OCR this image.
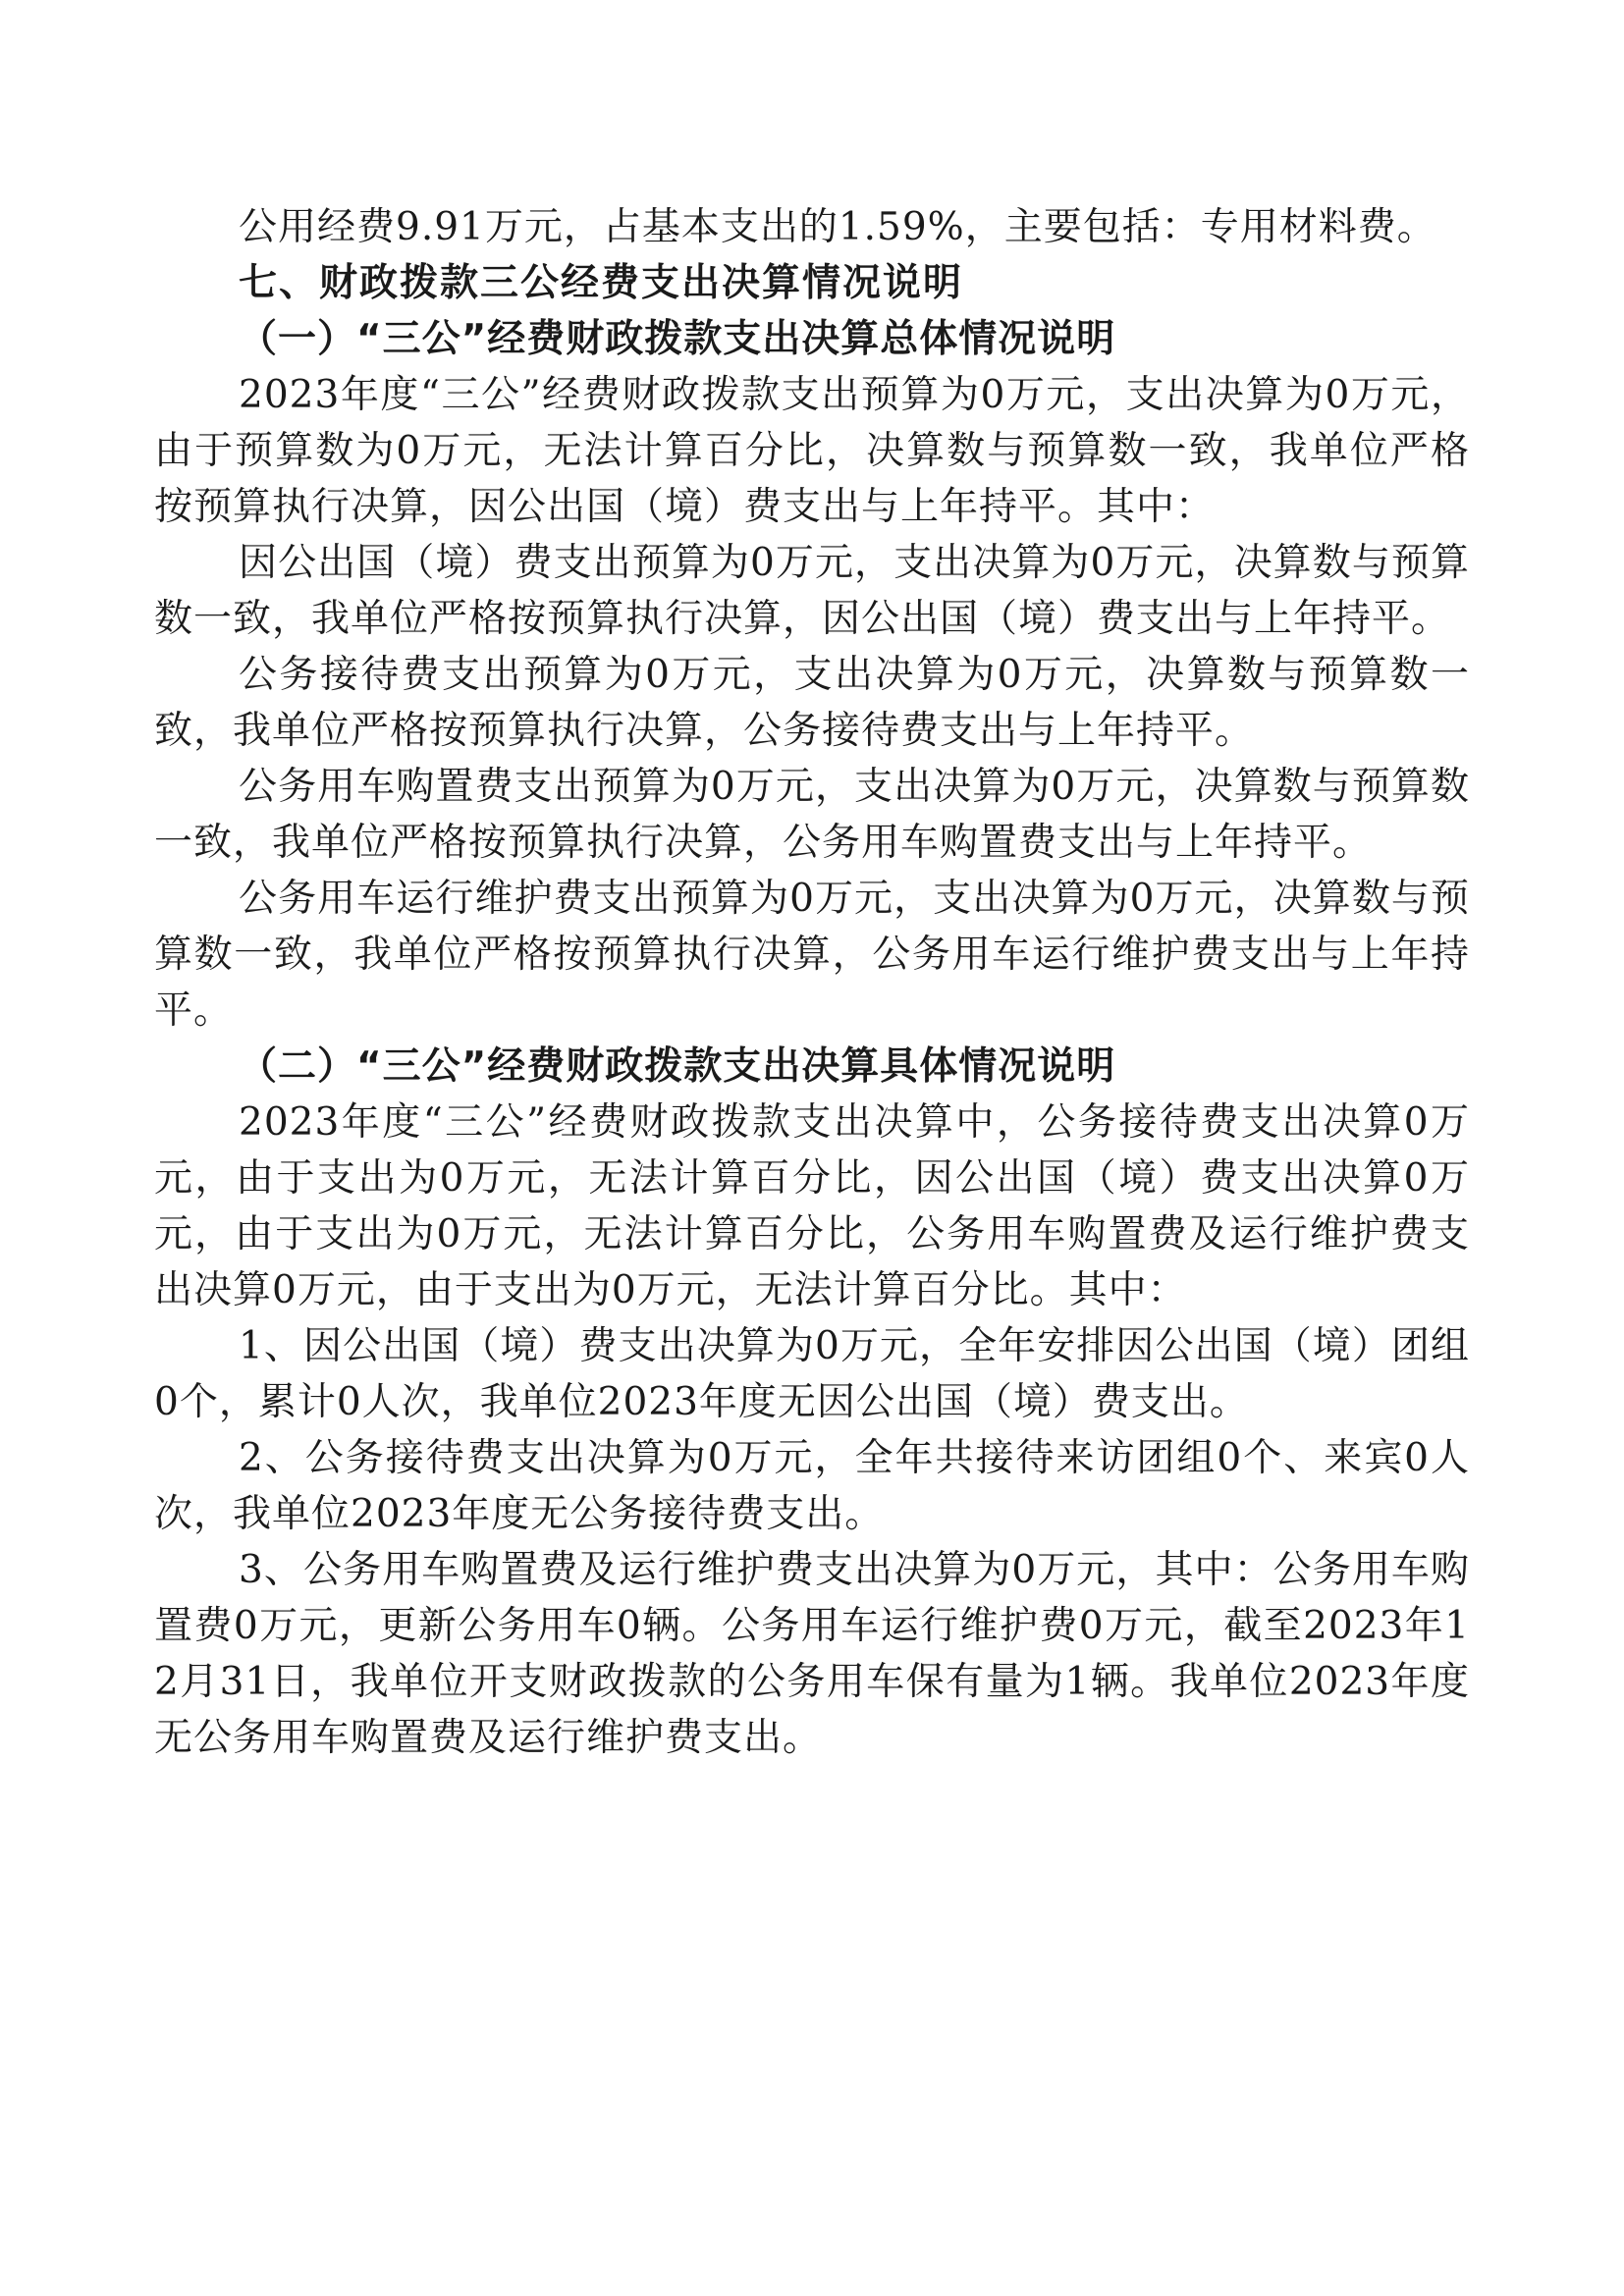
公用经费9.91万元，占基本支出的1.59%，主要包括：专用材料费。

七、财政拨款三公经费支出决算情况说明

（一）“三公”经费财政拨款支出决算总体情况说明

2023年度“三公”经费财政拨款支出预算为0万元，支出决算为0万元，由于预算数为0万元，无法计算百分比，决算数与预算数一致，我单位严格按预算执行决算，因公出国（境）费支出与上年持平。其中：

因公出国（境）费支出预算为0万元，支出决算为0万元，决算数与预算数一致，我单位严格按预算执行决算，因公出国（境）费支出与上年持平。

公务接待费支出预算为0万元，支出决算为0万元，决算数与预算数一致，我单位严格按预算执行决算，公务接待费支出与上年持平。

公务用车购置费支出预算为0万元，支出决算为0万元，决算数与预算数一致，我单位严格按预算执行决算，公务用车购置费支出与上年持平。

公务用车运行维护费支出预算为0万元，支出决算为0万元，决算数与预算数一致，我单位严格按预算执行决算，公务用车运行维护费支出与上年持平。

（二）“三公”经费财政拨款支出决算具体情况说明

2023年度“三公”经费财政拨款支出决算中，公务接待费支出决算0万元，由于支出为0万元，无法计算百分比，因公出国（境）费支出决算0万元，由于支出为0万元，无法计算百分比，公务用车购置费及运行维护费支出决算0万元，由于支出为0万元，无法计算百分比。其中：

1、因公出国（境）费支出决算为0万元，全年安排因公出国（境）团组0个，累计0人次，我单位2023年度无因公出国（境）费支出。

2、公务接待费支出决算为0万元，全年共接待来访团组0个、来宾0人次，我单位2023年度无公务接待费支出。

3、公务用车购置费及运行维护费支出决算为0万元，其中：公务用车购置费0万元，更新公务用车0辆。公务用车运行维护费0万元，截至2023年12月31日，我单位开支财政拨款的公务用车保有量为1辆。我单位2023年度无公务用车购置费及运行维护费支出。
